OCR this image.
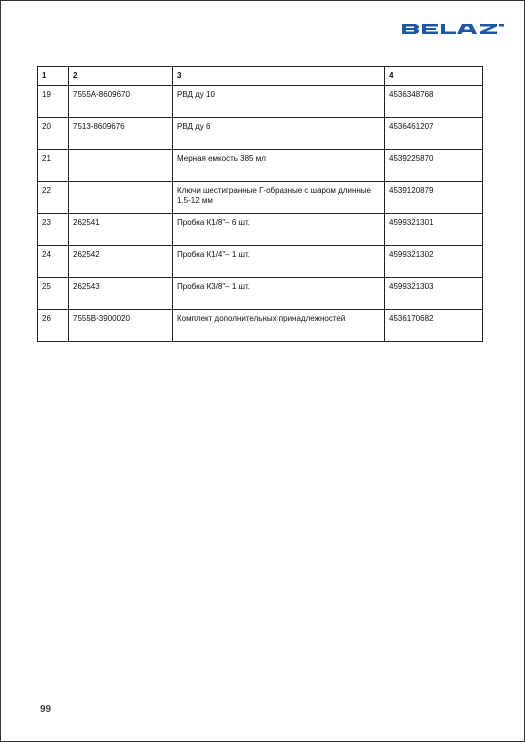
1	2	3	4
19	7555A-8609670	РВД ду 10	4536348768
20	7513-8609676	РВД ду 6	4536461207
21		Мерная емкость 385 мл	4539225870
22		Ключи шестигранные Г-образные с шаром длинные 1.5-12 мм	4539120879
23	262541	Пробка К1/8"– 6 шт.	4599321301
24	262542	Пробка К1/4"– 1 шт.	4599321302
25	262543	Пробка К3/8"– 1 шт.	4599321303
26	7555B-3900020	Комплект дополнительных принадлежностей	4536170682
99
